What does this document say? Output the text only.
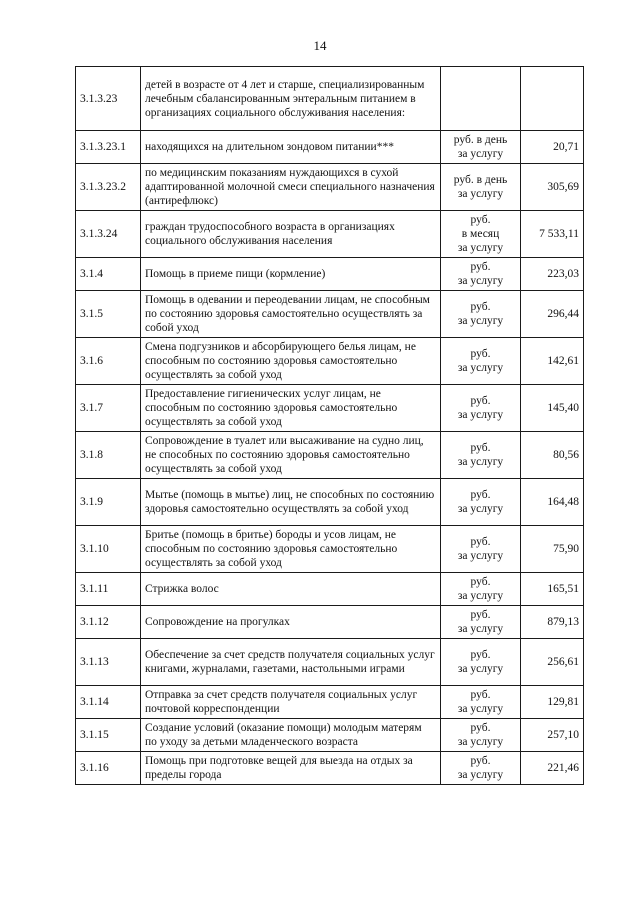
14
3.1.3.23	детей в возрасте от 4 лет и старше, специализированным лечебным сбалансированным энтеральным питанием в организациях социального обслуживания населения:		
3.1.3.23.1	находящихся на длительном зондовом питании***	руб. в день
за услугу	20,71
3.1.3.23.2	по медицинским показаниям нуждающихся в сухой адаптированной молочной смеси специального назначения (антирефлюкс)	руб. в день
за услугу	305,69
3.1.3.24	граждан трудоспособного возраста в организациях социального обслуживания населения	руб.
в месяц
за услугу	7 533,11
3.1.4	Помощь в приеме пищи (кормление)	руб.
за услугу	223,03
3.1.5	Помощь в одевании и переодевании лицам, не способным по состоянию здоровья самостоятельно осуществлять за собой уход	руб.
за услугу	296,44
3.1.6	Смена подгузников и абсорбирующего белья лицам, не способным по состоянию здоровья самостоятельно осуществлять за собой уход	руб.
за услугу	142,61
3.1.7	Предоставление гигиенических услуг лицам, не способным по состоянию здоровья самостоятельно осуществлять за собой уход	руб.
за услугу	145,40
3.1.8	Сопровождение в туалет или высаживание на судно лиц, не способных по состоянию здоровья самостоятельно осуществлять за собой уход	руб.
за услугу	80,56
3.1.9	Мытье (помощь в мытье) лиц, не способных по состоянию здоровья самостоятельно осуществлять за собой уход	руб.
за услугу	164,48
3.1.10	Бритье (помощь в бритье) бороды и усов лицам, не способным по состоянию здоровья самостоятельно осуществлять за собой уход	руб.
за услугу	75,90
3.1.11	Стрижка волос	руб.
за услугу	165,51
3.1.12	Сопровождение на прогулках	руб.
за услугу	879,13
3.1.13	Обеспечение за счет средств получателя социальных услуг книгами, журналами, газетами, настольными играми	руб.
за услугу	256,61
3.1.14	Отправка за счет средств получателя социальных услуг почтовой корреспонденции	руб.
за услугу	129,81
3.1.15	Создание условий (оказание помощи) молодым матерям по уходу за детьми младенческого возраста	руб.
за услугу	257,10
3.1.16	Помощь при подготовке вещей для выезда на отдых за пределы города	руб.
за услугу	221,46
